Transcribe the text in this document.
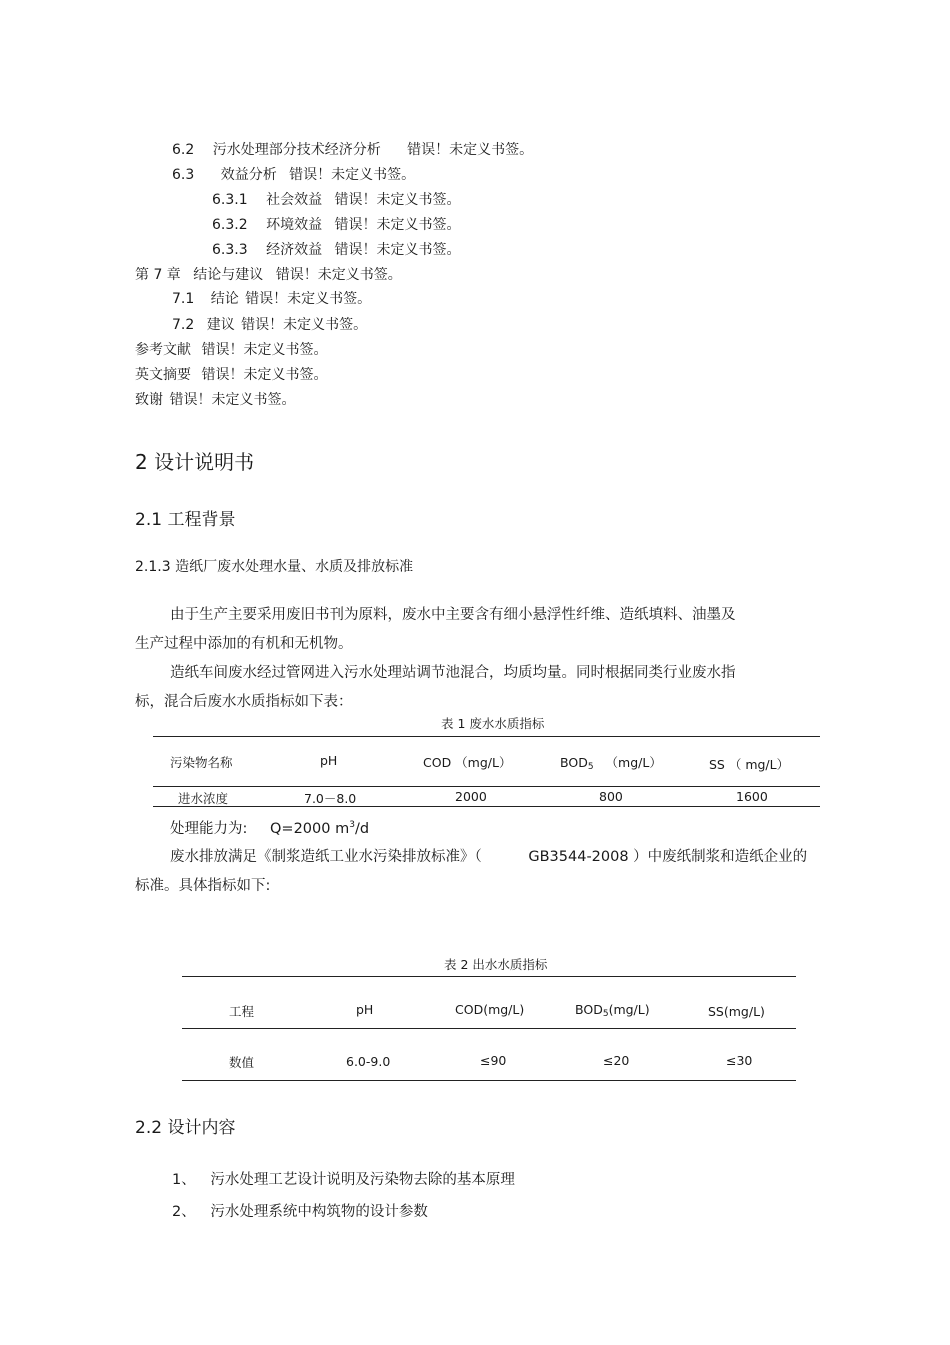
6.2 污水处理部分技术经济分析 错误！未定义书签。
6.3 效益分析 错误！未定义书签。
6.3.1 社会效益 错误！未定义书签。
6.3.2 环境效益 错误！未定义书签。
6.3.3 经济效益 错误！未定义书签。
第 7 章 结论与建议 错误！未定义书签。
7.1 结论 错误！未定义书签。
7.2 建议 错误！未定义书签。
参考文献 错误！未定义书签。
英文摘要 错误！未定义书签。
致谢 错误！未定义书签。
2 设计说明书
2.1 工程背景
2.1.3 造纸厂废水处理水量、水质及排放标准
由于生产主要采用废旧书刊为原料，废水中主要含有细小悬浮性纤维、造纸填料、油墨及
生产过程中添加的有机和无机物。
造纸车间废水经过管网进入污水处理站调节池混合，均质均量。同时根据同类行业废水指
标，混合后废水水质指标如下表：
表 1 废水水质指标
污染物名称	pH	COD （mg/L）	$BOD_5$ （mg/L）	SS （ mg/L）
进水浓度	7.0－8.0	2000	800	1600
处理能力为: Q=2000 $m^3/d$
废水排放满足《制浆造纸工业水污染排放标准》（	GB3544-2008 ）中废纸制浆和造纸企业的
标准。具体指标如下:
表 2 出水水质指标
工程	pH	COD(mg/L)	$BOD_5(mg/L)$	SS(mg/L)
数值	6.0-9.0	≤90	≤20	≤30
2.2 设计内容
1、 污水处理工艺设计说明及污染物去除的基本原理
2、 污水处理系统中构筑物的设计参数
